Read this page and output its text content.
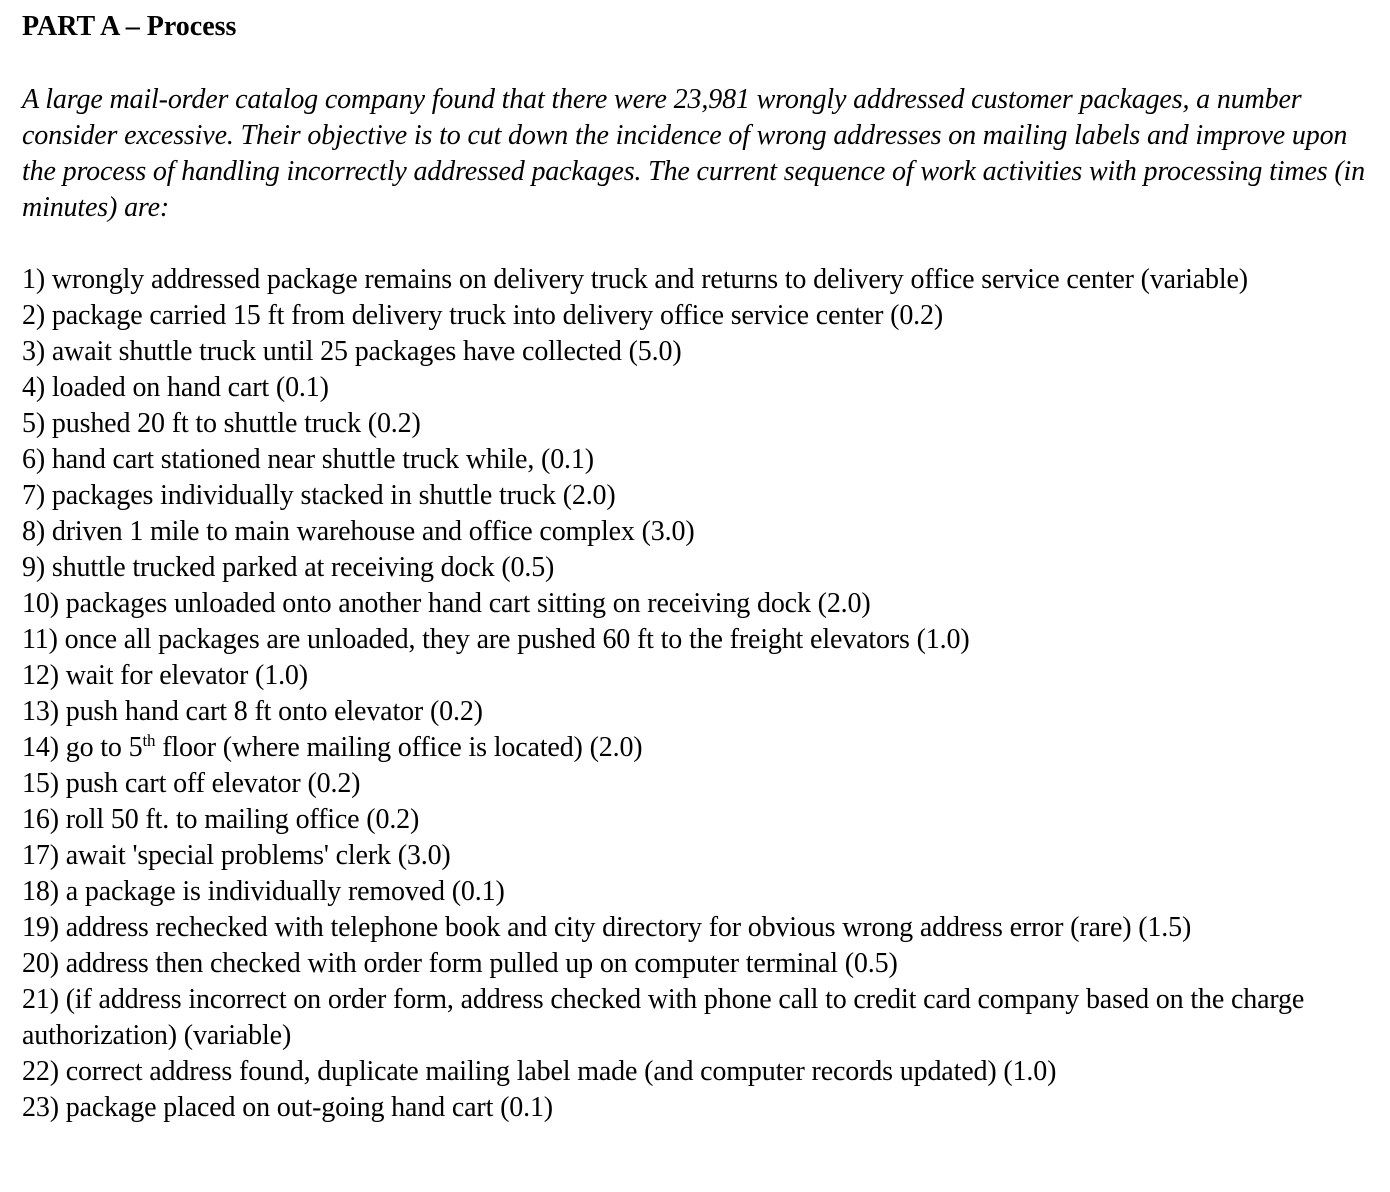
PART A – Process

A large mail-order catalog company found that there were 23,981 wrongly addressed customer packages, a number consider excessive. Their objective is to cut down the incidence of wrong addresses on mailing labels and improve upon the process of handling incorrectly addressed packages. The current sequence of work activities with processing times (in minutes) are:

1) wrongly addressed package remains on delivery truck and returns to delivery office service center (variable)
2) package carried 15 ft from delivery truck into delivery office service center (0.2)
3) await shuttle truck until 25 packages have collected (5.0)
4) loaded on hand cart (0.1)
5) pushed 20 ft to shuttle truck (0.2)
6) hand cart stationed near shuttle truck while, (0.1)
7) packages individually stacked in shuttle truck (2.0)
8) driven 1 mile to main warehouse and office complex (3.0)
9) shuttle trucked parked at receiving dock (0.5)
10) packages unloaded onto another hand cart sitting on receiving dock (2.0)
11) once all packages are unloaded, they are pushed 60 ft to the freight elevators (1.0)
12) wait for elevator (1.0)
13) push hand cart 8 ft onto elevator (0.2)
14) go to 5th floor (where mailing office is located) (2.0)
15) push cart off elevator (0.2)
16) roll 50 ft. to mailing office (0.2)
17) await 'special problems' clerk (3.0)
18) a package is individually removed (0.1)
19) address rechecked with telephone book and city directory for obvious wrong address error (rare) (1.5)
20) address then checked with order form pulled up on computer terminal (0.5)
21) (if address incorrect on order form, address checked with phone call to credit card company based on the charge authorization) (variable)
22) correct address found, duplicate mailing label made (and computer records updated) (1.0)
23) package placed on out-going hand cart (0.1)
